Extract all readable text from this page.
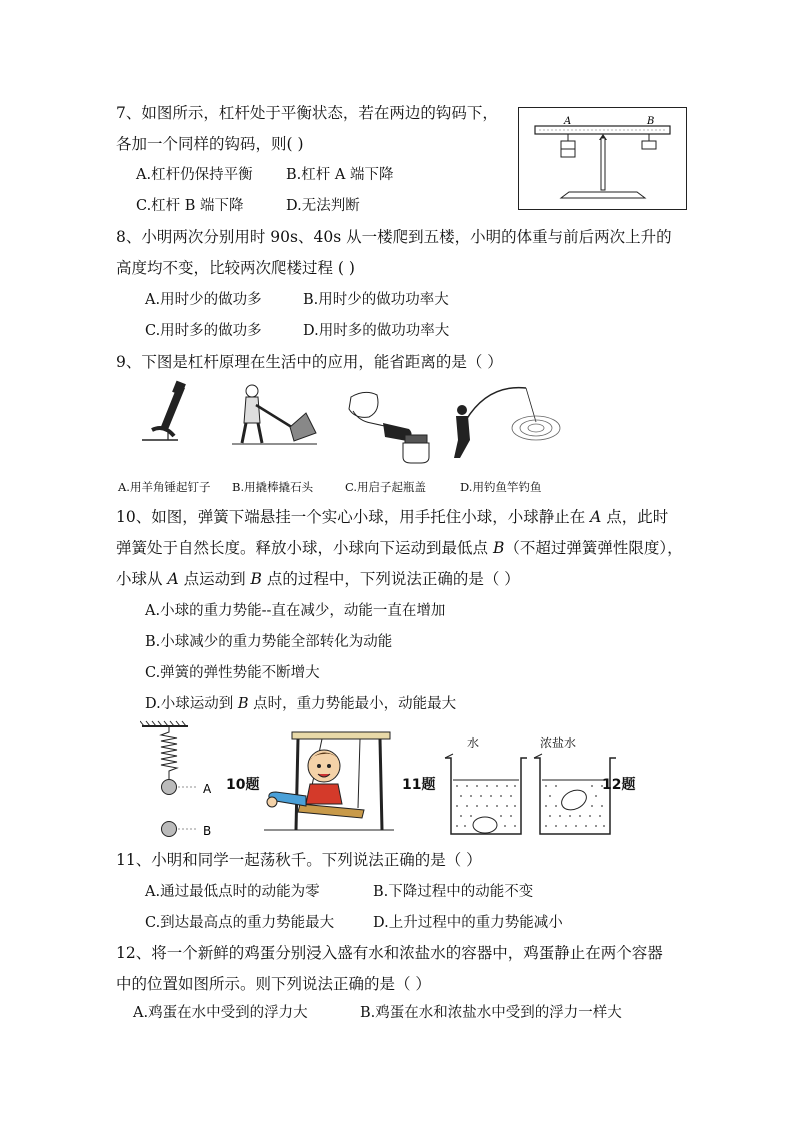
7、如图所示，杠杆处于平衡状态，若在两边的钩码下，
各加一个同样的钩码，则( )
A.杠杆仍保持平衡 B.杠杆 A 端下降
C.杠杆 B 端下降	D.无法判断
A	B
8、小明两次分别用时 90s、40s 从一楼爬到五楼，小明的体重与前后两次上升的
高度均不变，比较两次爬楼过程 ( )
A.用时少的做功多	B.用时少的做功功率大
C.用时多的做功多	D.用时多的做功功率大
9、下图是杠杆原理在生活中的应用，能省距离的是（ ）
A.用羊角锤起钉子 B.用撬棒撬石头	C.用启子起瓶盖	D.用钓鱼竿钓鱼
10、如图，弹簧下端悬挂一个实心小球，用手托住小球，小球静止在 A 点，此时
弹簧处于自然长度。释放小球，小球向下运动到最低点 B（不超过弹簧弹性限度），
小球从 A 点运动到 B 点的过程中，下列说法正确的是（ ）
A.小球的重力势能--直在减少，动能一直在增加
B.小球减少的重力势能全部转化为动能
C.弹簧的弹性势能不断增大
D.小球运动到 B 点时，重力势能最小，动能最大
A
B
10题	11题
水	浓盐水
12题
11、小明和同学一起荡秋千。下列说法正确的是（ ）
A.通过最低点时的动能为零	B.下降过程中的动能不变
C.到达最高点的重力势能最大	D.上升过程中的重力势能减小
12、将一个新鲜的鸡蛋分别浸入盛有水和浓盐水的容器中，鸡蛋静止在两个容器
中的位置如图所示。则下列说法正确的是（ ）
A.鸡蛋在水中受到的浮力大	B.鸡蛋在水和浓盐水中受到的浮力一样大
